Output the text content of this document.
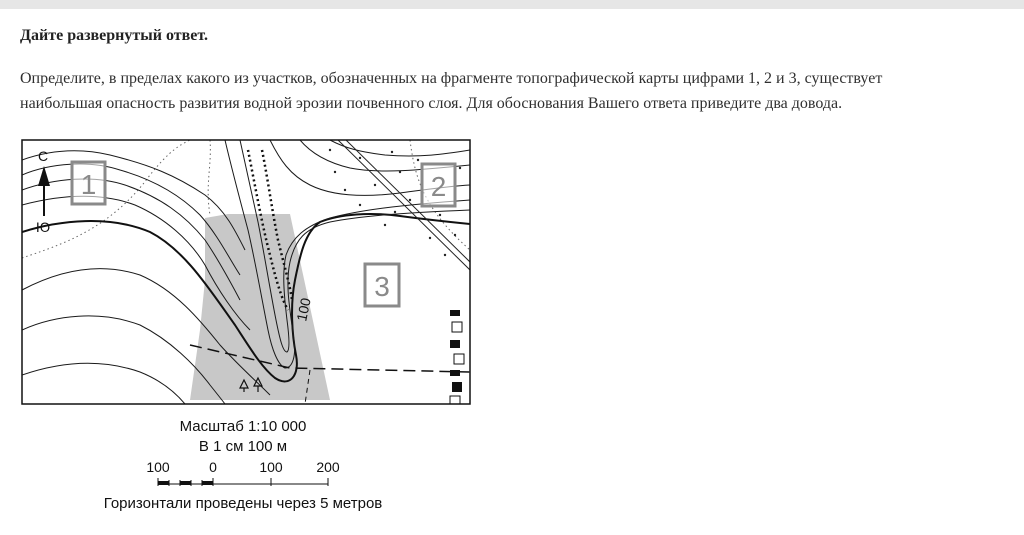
Дайте развернутый ответ.

Определите, в пределах какого из участков, обозначенных на фрагменте топографической карты цифрами 1, 2 и 3, существует

наибольшая опасность развития водной эрозии почвенного слоя. Для обоснования Вашего ответа приведите два довода.

С
Ю
1	2
3
100
Масштаб 1:10 000
В 1 см 100 м
100	0	100 200
Горизонтали проведены через 5 метров
